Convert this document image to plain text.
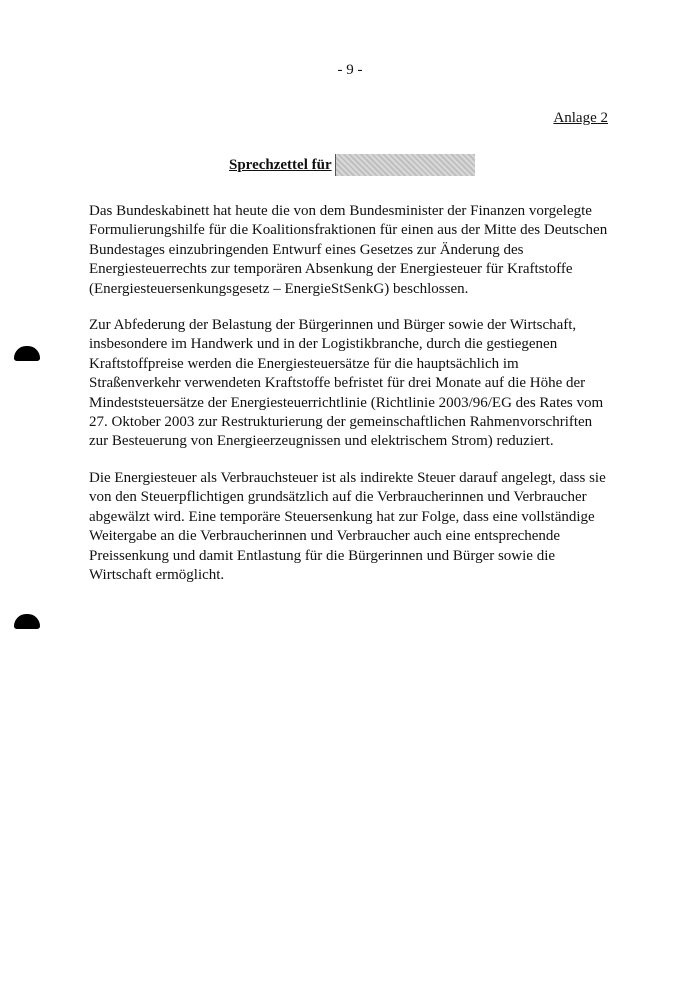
- 9 -
Anlage 2
Sprechzettel für

Das Bundeskabinett hat heute die von dem Bundesminister der Finanzen vorgelegte Formulierungshilfe für die Koalitionsfraktionen für einen aus der Mitte des Deutschen Bundestages einzubringenden Entwurf eines Gesetzes zur Änderung des Energiesteuerrechts zur temporären Absenkung der Energiesteuer für Kraftstoffe (Energiesteuersenkungsgesetz – EnergieStSenkG) beschlossen.

Zur Abfederung der Belastung der Bürgerinnen und Bürger sowie der Wirtschaft, insbesondere im Handwerk und in der Logistikbranche, durch die gestiegenen Kraftstoffpreise werden die Energiesteuersätze für die hauptsächlich im Straßenverkehr verwendeten Kraftstoffe befristet für drei Monate auf die Höhe der Mindeststeuersätze der Energiesteuerrichtlinie (Richtlinie 2003/96/EG des Rates vom 27. Oktober 2003 zur Restrukturierung der gemeinschaftlichen Rahmenvorschriften zur Besteuerung von Energieerzeugnissen und elektrischem Strom) reduziert.

Die Energiesteuer als Verbrauchsteuer ist als indirekte Steuer darauf angelegt, dass sie von den Steuerpflichtigen grundsätzlich auf die Verbraucherinnen und Verbraucher abgewälzt wird. Eine temporäre Steuersenkung hat zur Folge, dass eine vollständige Weitergabe an die Verbraucherinnen und Verbraucher auch eine entsprechende Preissenkung und damit Entlastung für die Bürgerinnen und Bürger sowie die Wirtschaft ermöglicht.
